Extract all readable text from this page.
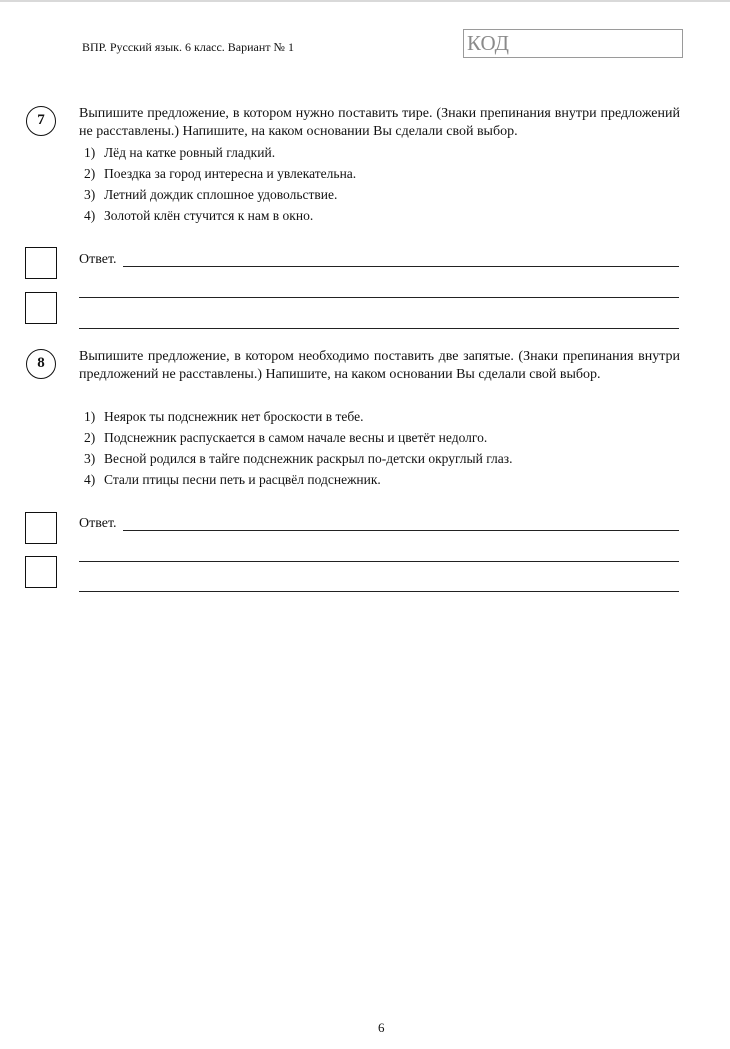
ВПР. Русский язык. 6 класс. Вариант № 1	КОД
7	Выпишите предложение, в котором нужно поставить тире. (Знаки препинания внутри предложений не расставлены.) Напишите, на каком основании Вы сделали свой выбор.
1) Лёд на катке ровный гладкий.
2) Поездка за город интересна и увлекательна.
3) Летний дождик сплошное удовольствие.
4) Золотой клён стучится к нам в окно.
Ответ.
8	Выпишите предложение, в котором необходимо поставить две запятые. (Знаки препинания внутри предложений не расставлены.) Напишите, на каком основании Вы сделали свой выбор.
1) Неярок ты подснежник нет броскости в тебе.
2) Подснежник распускается в самом начале весны и цветёт недолго.
3) Весной родился в тайге подснежник раскрыл по-детски округлый глаз.
4) Стали птицы песни петь и расцвёл подснежник.
Ответ.
6
